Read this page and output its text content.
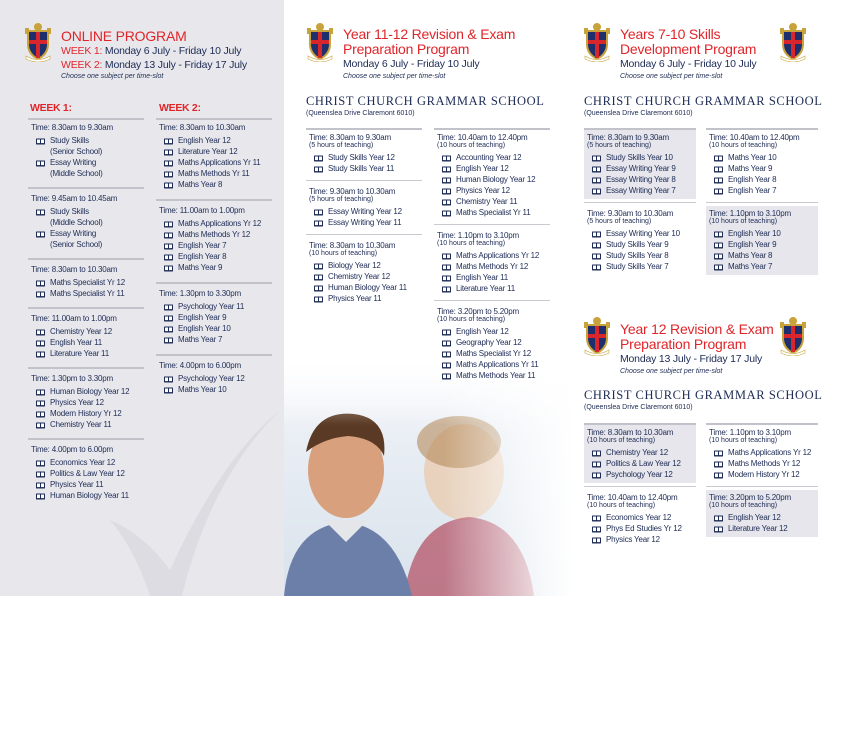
ONLINE PROGRAM
WEEK 1: Monday 6 July - Friday 10 July
WEEK 2: Monday 13 July - Friday 17 July
Choose one subject per time-slot
WEEK 1:	WEEK 2:
Time: 8.30am to 9.30am
Study Skills
(Senior School)
Essay Writing
(Middle School)
Time: 9.45am to 10.45am
Study Skills
(Middle School)
Essay Writing
(Senior School)
Time: 8.30am to 10.30am
Maths Specialist Yr 12
Maths Specialist Yr 11
Time: 11.00am to 1.00pm
Chemistry Year 12
English Year 11
Literature Year 11
Time: 1.30pm to 3.30pm
Human Biology Year 12
Physics Year 12
Modern History Yr 12
Chemistry Year 11
Time: 4.00pm to 6.00pm
Economics Year 12
Politics & Law Year 12
Physics Year 11
Human Biology Year 11
Time: 8.30am to 10.30am
English Year 12
Literature Year 12
Maths Applications Yr 11
Maths Methods Yr 11
Maths Year 8
Time: 11.00am to 1.00pm
Maths Applications Yr 12
Maths Methods Yr 12
English Year 7
English Year 8
Maths Year 9
Time: 1.30pm to 3.30pm
Psychology Year 11
English Year 9
English Year 10
Maths Year 7
Time: 4.00pm to 6.00pm
Psychology Year 12
Maths Year 10
Year 11-12 Revision & Exam
Preparation Program
Monday 6 July - Friday 10 July
Choose one subject per time-slot
CHRIST CHURCH GRAMMAR SCHOOL
(Queenslea Drive Claremont 6010)
Time: 8.30am to 9.30am
(5 hours of teaching)
Study Skills Year 12
Study Skills Year 11
Time: 9.30am to 10.30am
(5 hours of teaching)
Essay Writing Year 12
Essay Writing Year 11
Time: 8.30am to 10.30am
(10 hours of teaching)
Biology Year 12
Chemistry Year 12
Human Biology Year 11
Physics Year 11
Time: 10.40am to 12.40pm
(10 hours of teaching)
Accounting Year 12
English Year 12
Human Biology Year 12
Physics Year 12
Chemistry Year 11
Maths Specialist Yr 11
Time: 1.10pm to 3.10pm
(10 hours of teaching)
Maths Applications Yr 12
Maths Methods Yr 12
English Year 11
Literature Year 11
Time: 3.20pm to 5.20pm
(10 hours of teaching)
English Year 12
Geography Year 12
Maths Specialist Yr 12
Maths Applications Yr 11
Maths Methods Year 11
Years 7-10 Skills
Development Program
Monday 6 July - Friday 10 July
Choose one subject per time-slot
CHRIST CHURCH GRAMMAR SCHOOL
(Queenslea Drive Claremont 6010)
Time: 8.30am to 9.30am
(5 hours of teaching)
Study Skills Year 10
Essay Writing Year 9
Essay Writing Year 8
Essay Writing Year 7
Time: 9.30am to 10.30am
(5 hours of teaching)
Essay Writing Year 10
Study Skills Year 9
Study Skills Year 8
Study Skills Year 7
Time: 10.40am to 12.40pm
(10 hours of teaching)
Maths Year 10
Maths Year 9
English Year 8
English Year 7
Time: 1.10pm to 3.10pm
(10 hours of teaching)
English Year 10
English Year 9
Maths Year 8
Maths Year 7
Year 12 Revision & Exam
Preparation Program
Monday 13 July - Friday 17 July
Choose one subject per time-slot
CHRIST CHURCH GRAMMAR SCHOOL
(Queenslea Drive Claremont 6010)
Time: 8.30am to 10.30am
(10 hours of teaching)
Chemistry Year 12
Politics & Law Year 12
Psychology Year 12
Time: 10.40am to 12.40pm
(10 hours of teaching)
Economics Year 12
Phys Ed Studies Yr 12
Physics Year 12
Time: 1.10pm to 3.10pm
(10 hours of teaching)
Maths Applications Yr 12
Maths Methods Yr 12
Modern History Yr 12
Time: 3.20pm to 5.20pm
(10 hours of teaching)
English Year 12
Literature Year 12
